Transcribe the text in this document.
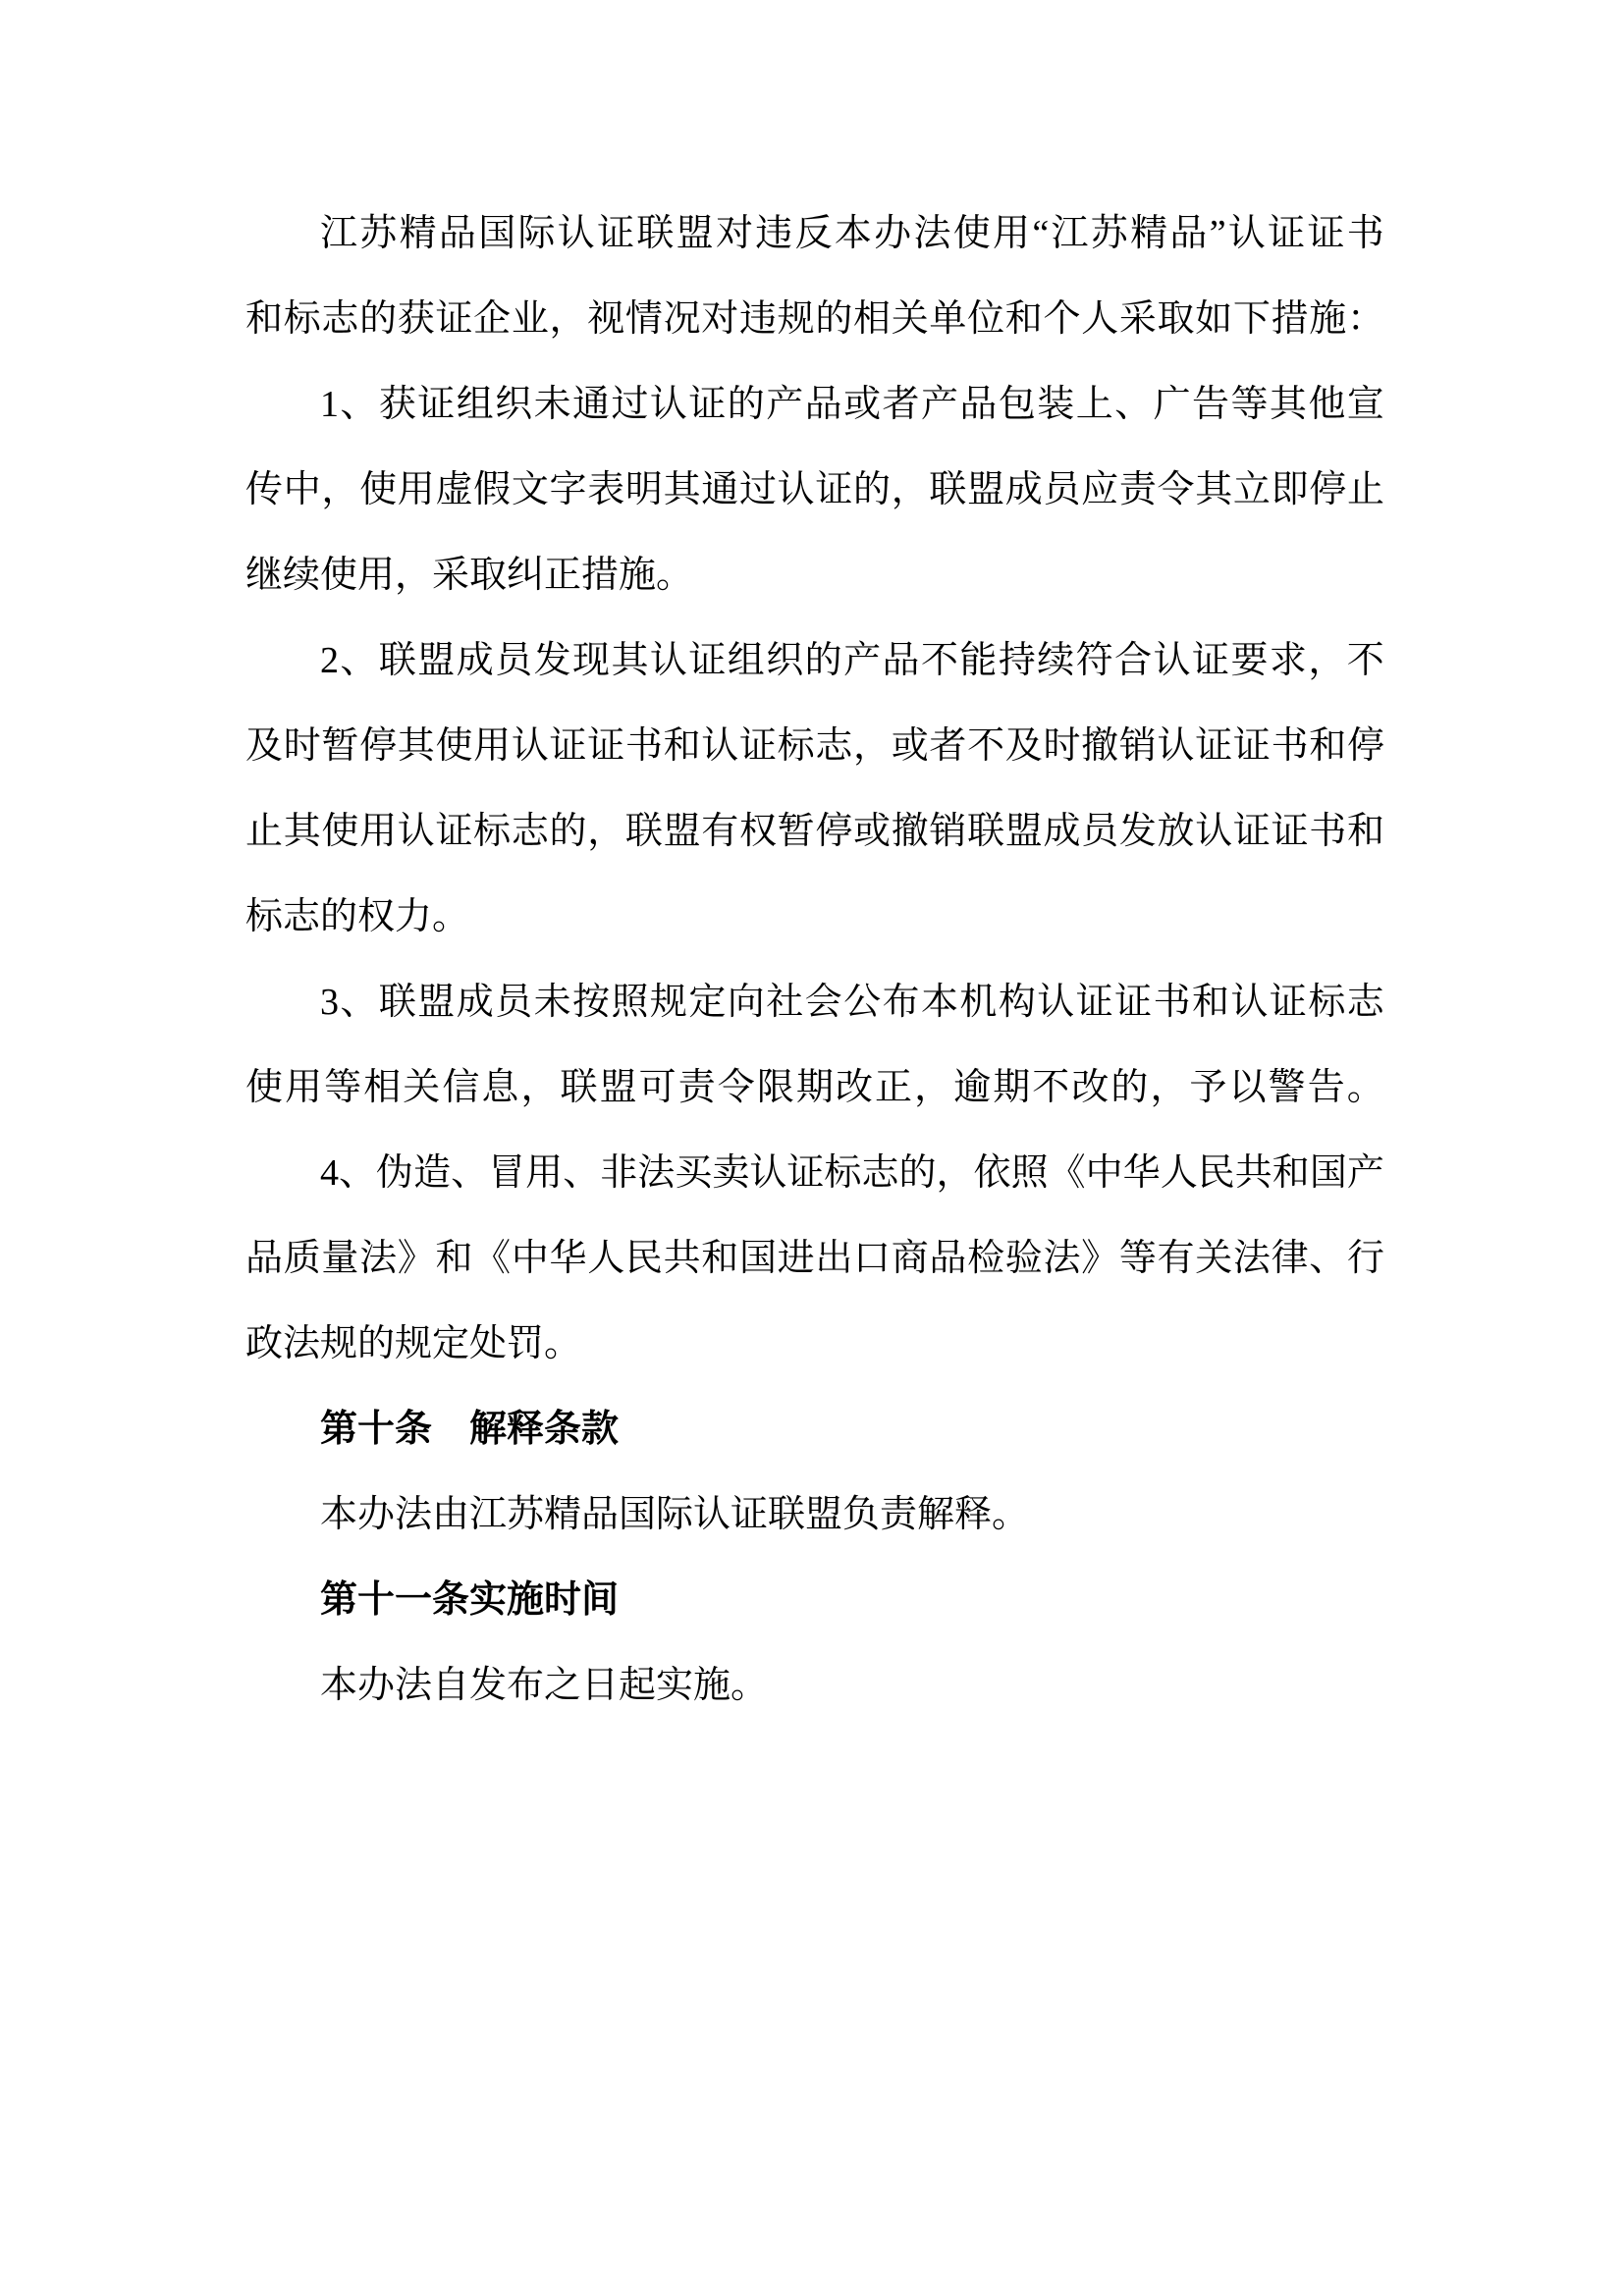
江 苏 精 品 国 际 认 证 联 盟 对 违 反 本 办 法 使 用 “ 江 苏 精 品 ” 认 证 证 书
和 标 志 的 获 证 企 业 ， 视 情 况 对 违 规 的 相 关 单 位 和 个 人 采 取 如 下 措 施 ：
1 、 获 证 组 织 未 通 过 认 证 的 产 品 或 者 产 品 包 装 上 、 广 告 等 其 他 宣
传 中 ， 使 用 虚 假 文 字 表 明 其 通 过 认 证 的 ， 联 盟 成 员 应 责 令 其 立 即 停 止
继续使用，采取纠正措施。
2 、 联 盟 成 员 发 现 其 认 证 组 织 的 产 品 不 能 持 续 符 合 认 证 要 求 ， 不
及 时 暂 停 其 使 用 认 证 证 书 和 认 证 标 志 ， 或 者 不 及 时 撤 销 认 证 证 书 和 停
止 其 使 用 认 证 标 志 的 ， 联 盟 有 权 暂 停 或 撤 销 联 盟 成 员 发 放 认 证 证 书 和
标志的权力。
3 、 联 盟 成 员 未 按 照 规 定 向 社 会 公 布 本 机 构 认 证 证 书 和 认 证 标 志
使 用 等 相 关 信 息 ， 联 盟 可 责 令 限 期 改 正 ， 逾 期 不 改 的 ， 予 以 警 告 。
4 、 伪 造 、 冒 用 、 非 法 买 卖 认 证 标 志 的 ， 依 照 《 中 华 人 民 共 和 国 产
品 质 量 法 》 和 《 中 华 人 民 共 和 国 进 出 口 商 品 检 验 法 》 等 有 关 法 律 、 行
政法规的规定处罚。
第十条　解释条款
本办法由江苏精品国际认证联盟负责解释。
第十一条实施时间
本办法自发布之日起实施。
